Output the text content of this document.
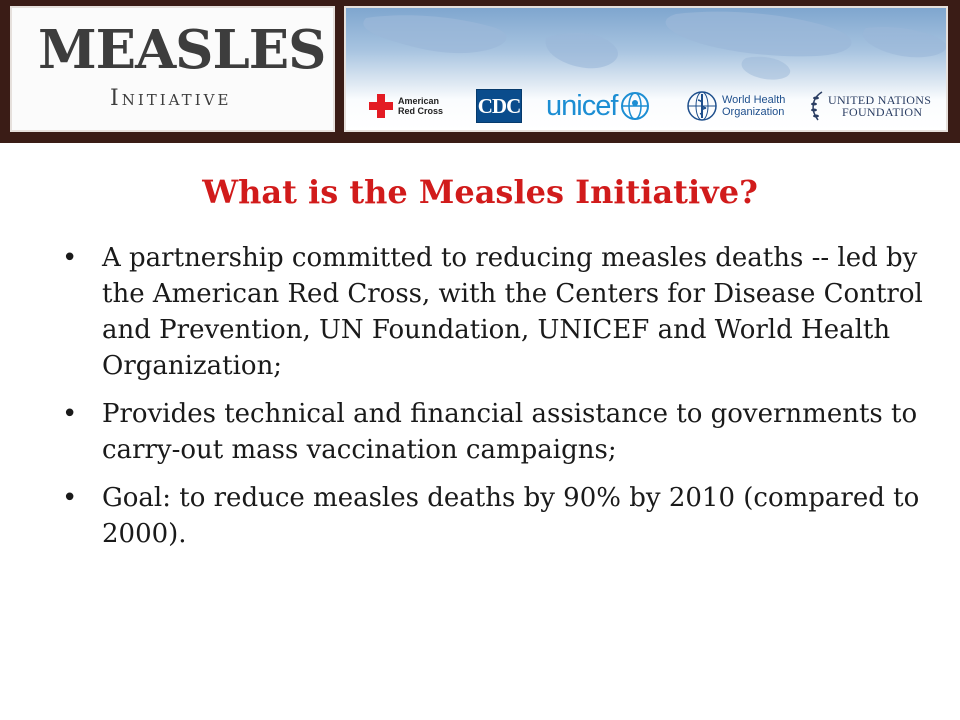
MEASLES
Initiative	American
Red Cross CDC unicef	World Health
Organization
UNITED NATIONS
FOUNDATION
What is the Measles Initiative?
• A partnership committed to reducing measles deaths -- led by the American Red Cross, with the Centers for Disease Control and Prevention, UN Foundation, UNICEF and World Health Organization;
• Provides technical and financial assistance to governments to carry-out mass vaccination campaigns;
• Goal: to reduce measles deaths by 90% by 2010 (compared to 2000).
